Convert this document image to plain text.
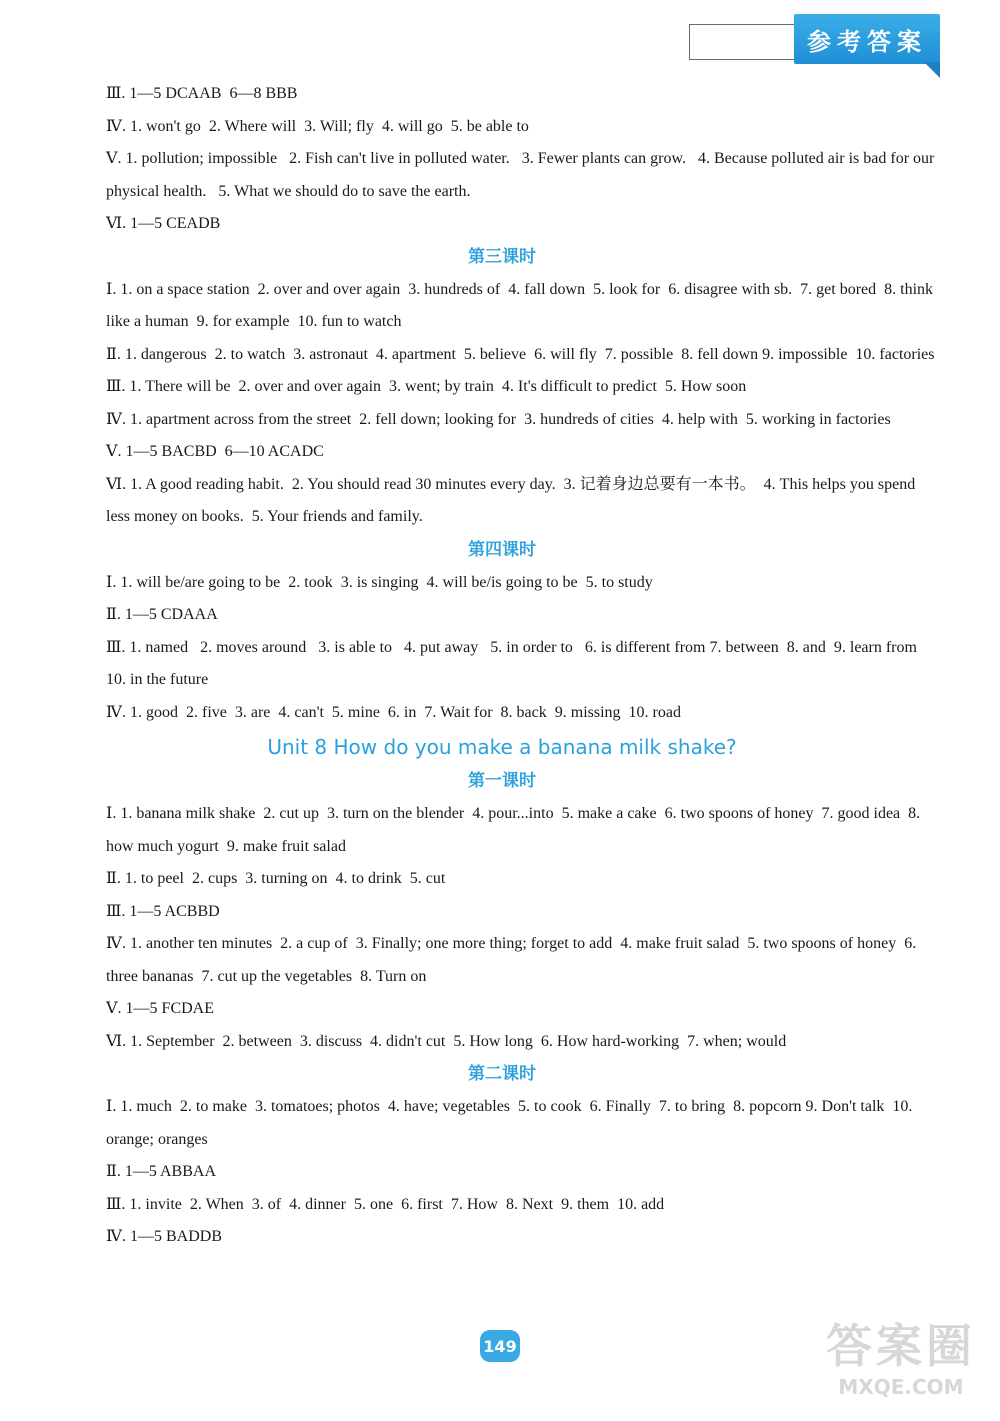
参考答案
Ⅲ. 1—5 DCAAB  6—8 BBB
Ⅳ. 1. won't go  2. Where will  3. Will; fly  4. will go  5. be able to
Ⅴ. 1. pollution; impossible   2. Fish can't live in polluted water.   3. Fewer plants can grow.   4. Because polluted air is bad for our physical health.   5. What we should do to save the earth.
Ⅵ. 1—5 CEADB
第三课时
Ⅰ. 1. on a space station  2. over and over again  3. hundreds of  4. fall down  5. look for  6. disagree with sb.  7. get bored  8. think like a human  9. for example  10. fun to watch
Ⅱ. 1. dangerous  2. to watch  3. astronaut  4. apartment  5. believe  6. will fly  7. possible  8. fell down 9. impossible  10. factories
Ⅲ. 1. There will be  2. over and over again  3. went; by train  4. It's difficult to predict  5. How soon
Ⅳ. 1. apartment across from the street  2. fell down; looking for  3. hundreds of cities  4. help with  5. working in factories
Ⅴ. 1—5 BACBD  6—10 ACADC
Ⅵ. 1. A good reading habit.  2. You should read 30 minutes every day.  3. 记着身边总要有一本书。  4. This helps you spend less money on books.  5. Your friends and family.
第四课时
Ⅰ. 1. will be/are going to be  2. took  3. is singing  4. will be/is going to be  5. to study
Ⅱ. 1—5 CDAAA
Ⅲ. 1. named   2. moves around   3. is able to   4. put away   5. in order to   6. is different from 7. between  8. and  9. learn from  10. in the future
Ⅳ. 1. good  2. five  3. are  4. can't  5. mine  6. in  7. Wait for  8. back  9. missing  10. road
Unit 8 How do you make a banana milk shake?
第一课时
Ⅰ. 1. banana milk shake  2. cut up  3. turn on the blender  4. pour...into  5. make a cake  6. two spoons of honey  7. good idea  8. how much yogurt  9. make fruit salad
Ⅱ. 1. to peel  2. cups  3. turning on  4. to drink  5. cut
Ⅲ. 1—5 ACBBD
Ⅳ. 1. another ten minutes  2. a cup of  3. Finally; one more thing; forget to add  4. make fruit salad  5. two spoons of honey  6. three bananas  7. cut up the vegetables  8. Turn on
Ⅴ. 1—5 FCDAE
Ⅵ. 1. September  2. between  3. discuss  4. didn't cut  5. How long  6. How hard-working  7. when; would
第二课时
Ⅰ. 1. much  2. to make  3. tomatoes; photos  4. have; vegetables  5. to cook  6. Finally  7. to bring  8. popcorn 9. Don't talk  10. orange; oranges
Ⅱ. 1—5 ABBAA
Ⅲ. 1. invite  2. When  3. of  4. dinner  5. one  6. first  7. How  8. Next  9. them  10. add
Ⅳ. 1—5 BADDB
149	答案圈
MXQE.COM
